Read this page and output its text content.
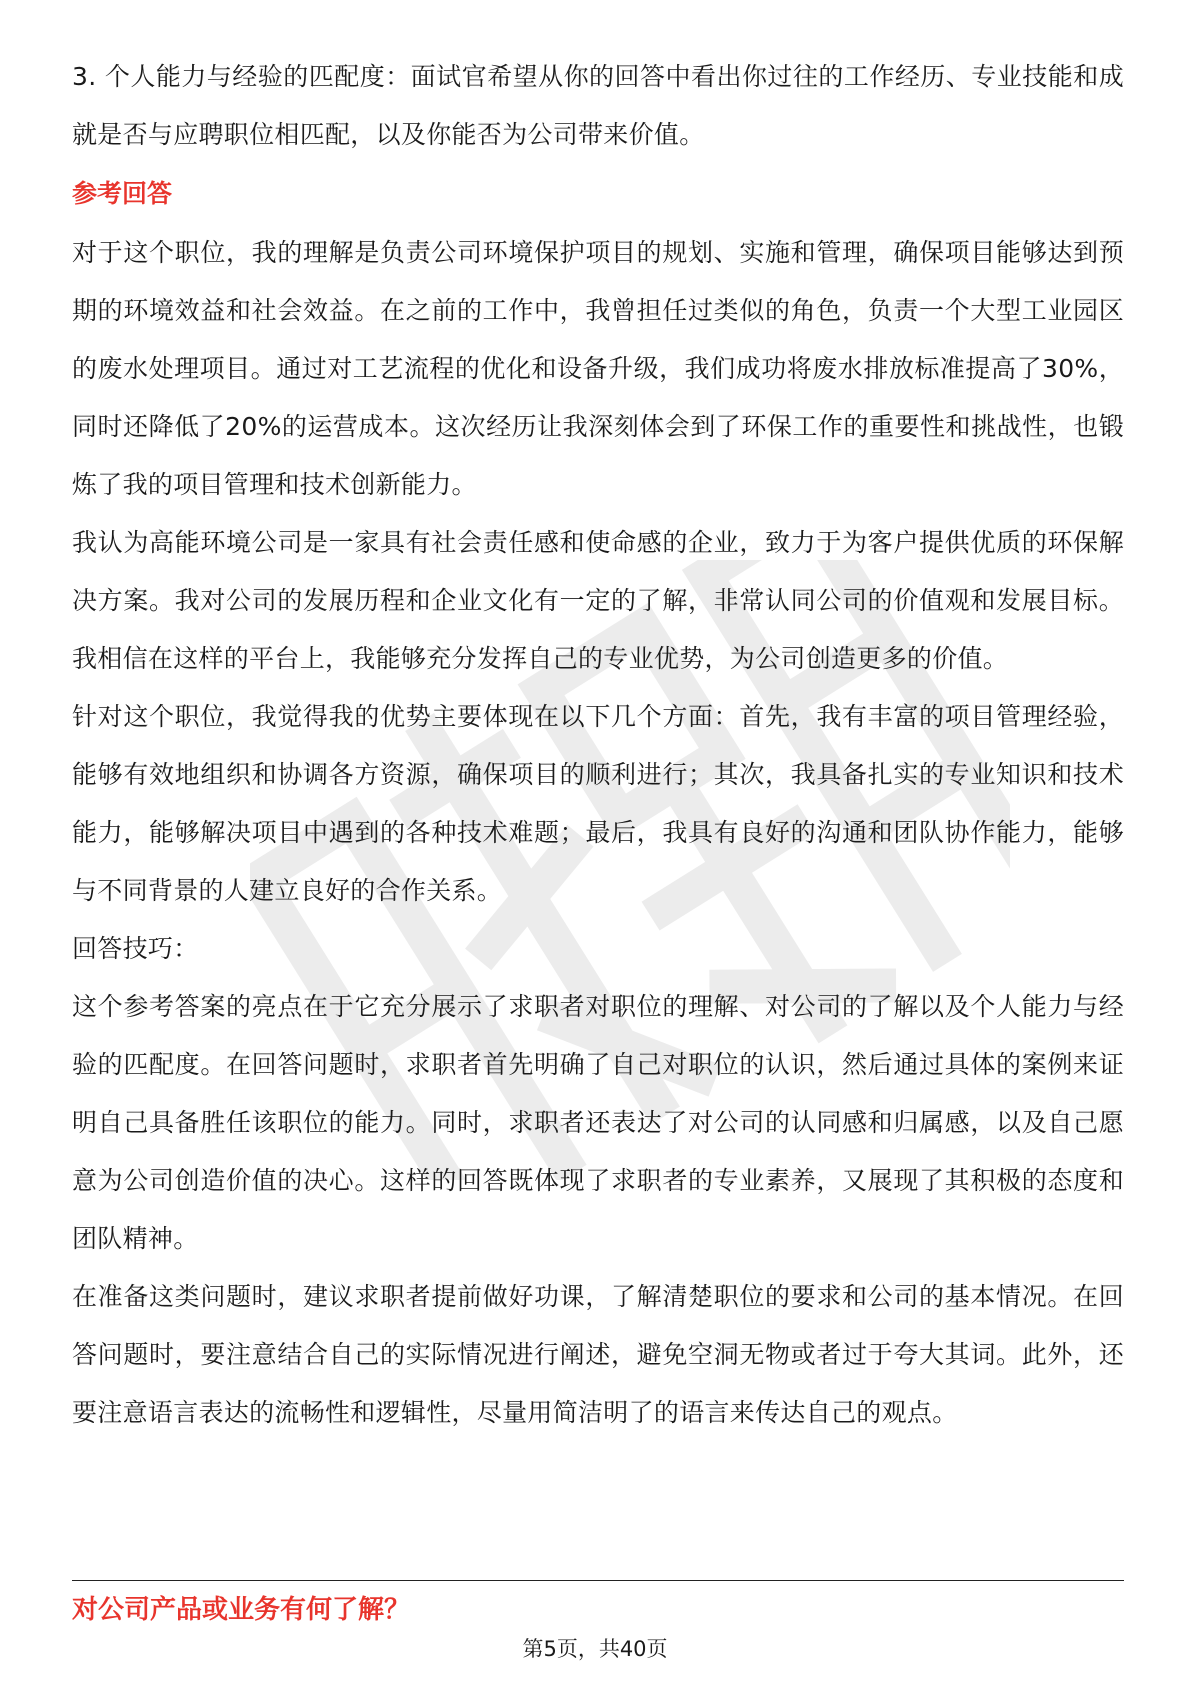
3. 个人能力与经验的匹配度：面试官希望从你的回答中看出你过往的工作经历、专业技能和成就是否与应聘职位相匹配，以及你能否为公司带来价值。

参考回答

对于这个职位，我的理解是负责公司环境保护项目的规划、实施和管理，确保项目能够达到预期的环境效益和社会效益。在之前的工作中，我曾担任过类似的角色，负责一个大型工业园区的废水处理项目。通过对工艺流程的优化和设备升级，我们成功将废水排放标准提高了30%，同时还降低了20%的运营成本。这次经历让我深刻体会到了环保工作的重要性和挑战性，也锻炼了我的项目管理和技术创新能力。

我认为高能环境公司是一家具有社会责任感和使命感的企业，致力于为客户提供优质的环保解决方案。我对公司的发展历程和企业文化有一定的了解，非常认同公司的价值观和发展目标。我相信在这样的平台上，我能够充分发挥自己的专业优势，为公司创造更多的价值。

针对这个职位，我觉得我的优势主要体现在以下几个方面：首先，我有丰富的项目管理经验，能够有效地组织和协调各方资源，确保项目的顺利进行；其次，我具备扎实的专业知识和技术能力，能够解决项目中遇到的各种技术难题；最后，我具有良好的沟通和团队协作能力，能够与不同背景的人建立良好的合作关系。

回答技巧：

这个参考答案的亮点在于它充分展示了求职者对职位的理解、对公司的了解以及个人能力与经验的匹配度。在回答问题时，求职者首先明确了自己对职位的认识，然后通过具体的案例来证明自己具备胜任该职位的能力。同时，求职者还表达了对公司的认同感和归属感，以及自己愿意为公司创造价值的决心。这样的回答既体现了求职者的专业素养，又展现了其积极的态度和团队精神。

在准备这类问题时，建议求职者提前做好功课，了解清楚职位的要求和公司的基本情况。在回答问题时，要注意结合自己的实际情况进行阐述，避免空洞无物或者过于夸大其词。此外，还要注意语言表达的流畅性和逻辑性，尽量用简洁明了的语言来传达自己的观点。

对公司产品或业务有何了解？
第5页，共40页
